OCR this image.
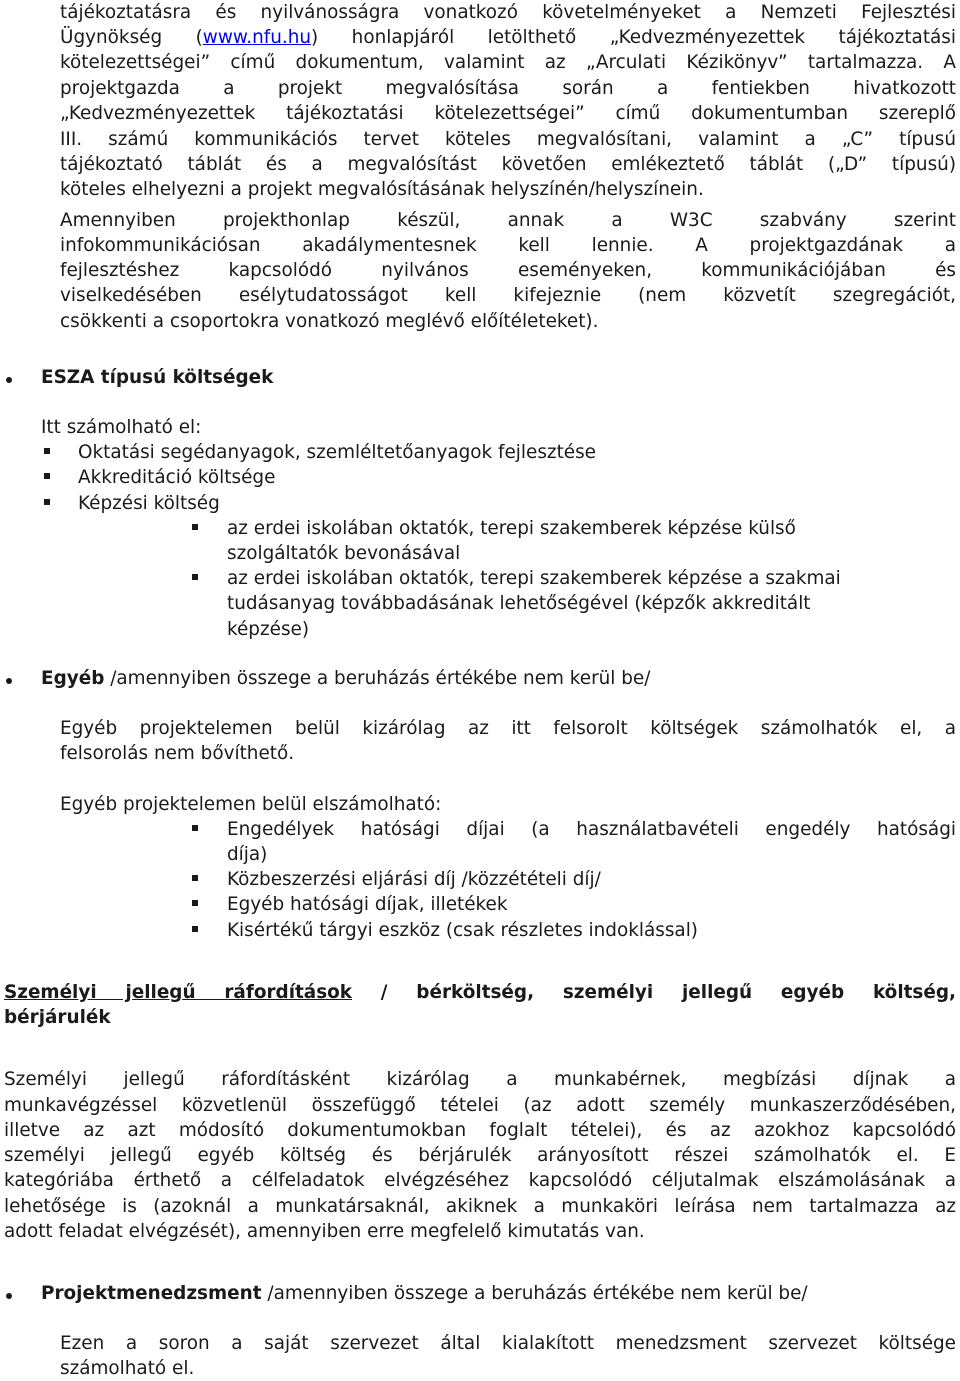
tájékoztatásra és nyilvánosságra vonatkozó követelményeket a Nemzeti Fejlesztési
Ügynökség (www.nfu.hu) honlapjáról letölthető „Kedvezményezettek tájékoztatási
kötelezettségei” című dokumentum, valamint az „Arculati Kézikönyv” tartalmazza. A
projektgazda a projekt megvalósítása során a fentiekben hivatkozott
„Kedvezményezettek tájékoztatási kötelezettségei” című dokumentumban szereplő
III. számú kommunikációs tervet köteles megvalósítani, valamint a „C” típusú
tájékoztató táblát és a megvalósítást követően emlékeztető táblát („D” típusú)
köteles elhelyezni a projekt megvalósításának helyszínén/helyszínein.
Amennyiben projekthonlap készül, annak a W3C szabvány szerint
infokommunikációsan akadálymentesnek kell lennie. A projektgazdának a
fejlesztéshez kapcsolódó nyilvános eseményeken, kommunikációjában és
viselkedésében esélytudatosságot kell kifejeznie (nem közvetít szegregációt,
csökkenti a csoportokra vonatkozó meglévő előítéleteket).
ESZA típusú költségek
Itt számolható el:
Oktatási segédanyagok, szemléltetőanyagok fejlesztése
Akkreditáció költsége
Képzési költség
az erdei iskolában oktatók, terepi szakemberek képzése külső
szolgáltatók bevonásával
az erdei iskolában oktatók, terepi szakemberek képzése a szakmai
tudásanyag továbbadásának lehetőségével (képzők akkreditált
képzése)
Egyéb /amennyiben összege a beruházás értékébe nem kerül be/
Egyéb projektelemen belül kizárólag az itt felsorolt költségek számolhatók el, a
felsorolás nem bővíthető.
Egyéb projektelemen belül elszámolható:
Engedélyek hatósági díjai (a használatbavételi engedély hatósági
díja)
Közbeszerzési eljárási díj /közzétételi díj/
Egyéb hatósági díjak, illetékek
Kisértékű tárgyi eszköz (csak részletes indoklással)
Személyi jellegű ráfordítások / bérköltség, személyi jellegű egyéb költség,
bérjárulék
Személyi jellegű ráfordításként kizárólag a munkabérnek, megbízási díjnak a
munkavégzéssel közvetlenül összefüggő tételei (az adott személy munkaszerződésében,
illetve az azt módosító dokumentumokban foglalt tételei), és az azokhoz kapcsolódó
személyi jellegű egyéb költség és bérjárulék arányosított részei számolhatók el. E
kategóriába érthető a célfeladatok elvégzéséhez kapcsolódó céljutalmak elszámolásának a
lehetősége is (azoknál a munkatársaknál, akiknek a munkaköri leírása nem tartalmazza az
adott feladat elvégzését), amennyiben erre megfelelő kimutatás van.
Projektmenedzsment /amennyiben összege a beruházás értékébe nem kerül be/
Ezen a soron a saját szervezet által kialakított menedzsment szervezet költsége
számolható el.
